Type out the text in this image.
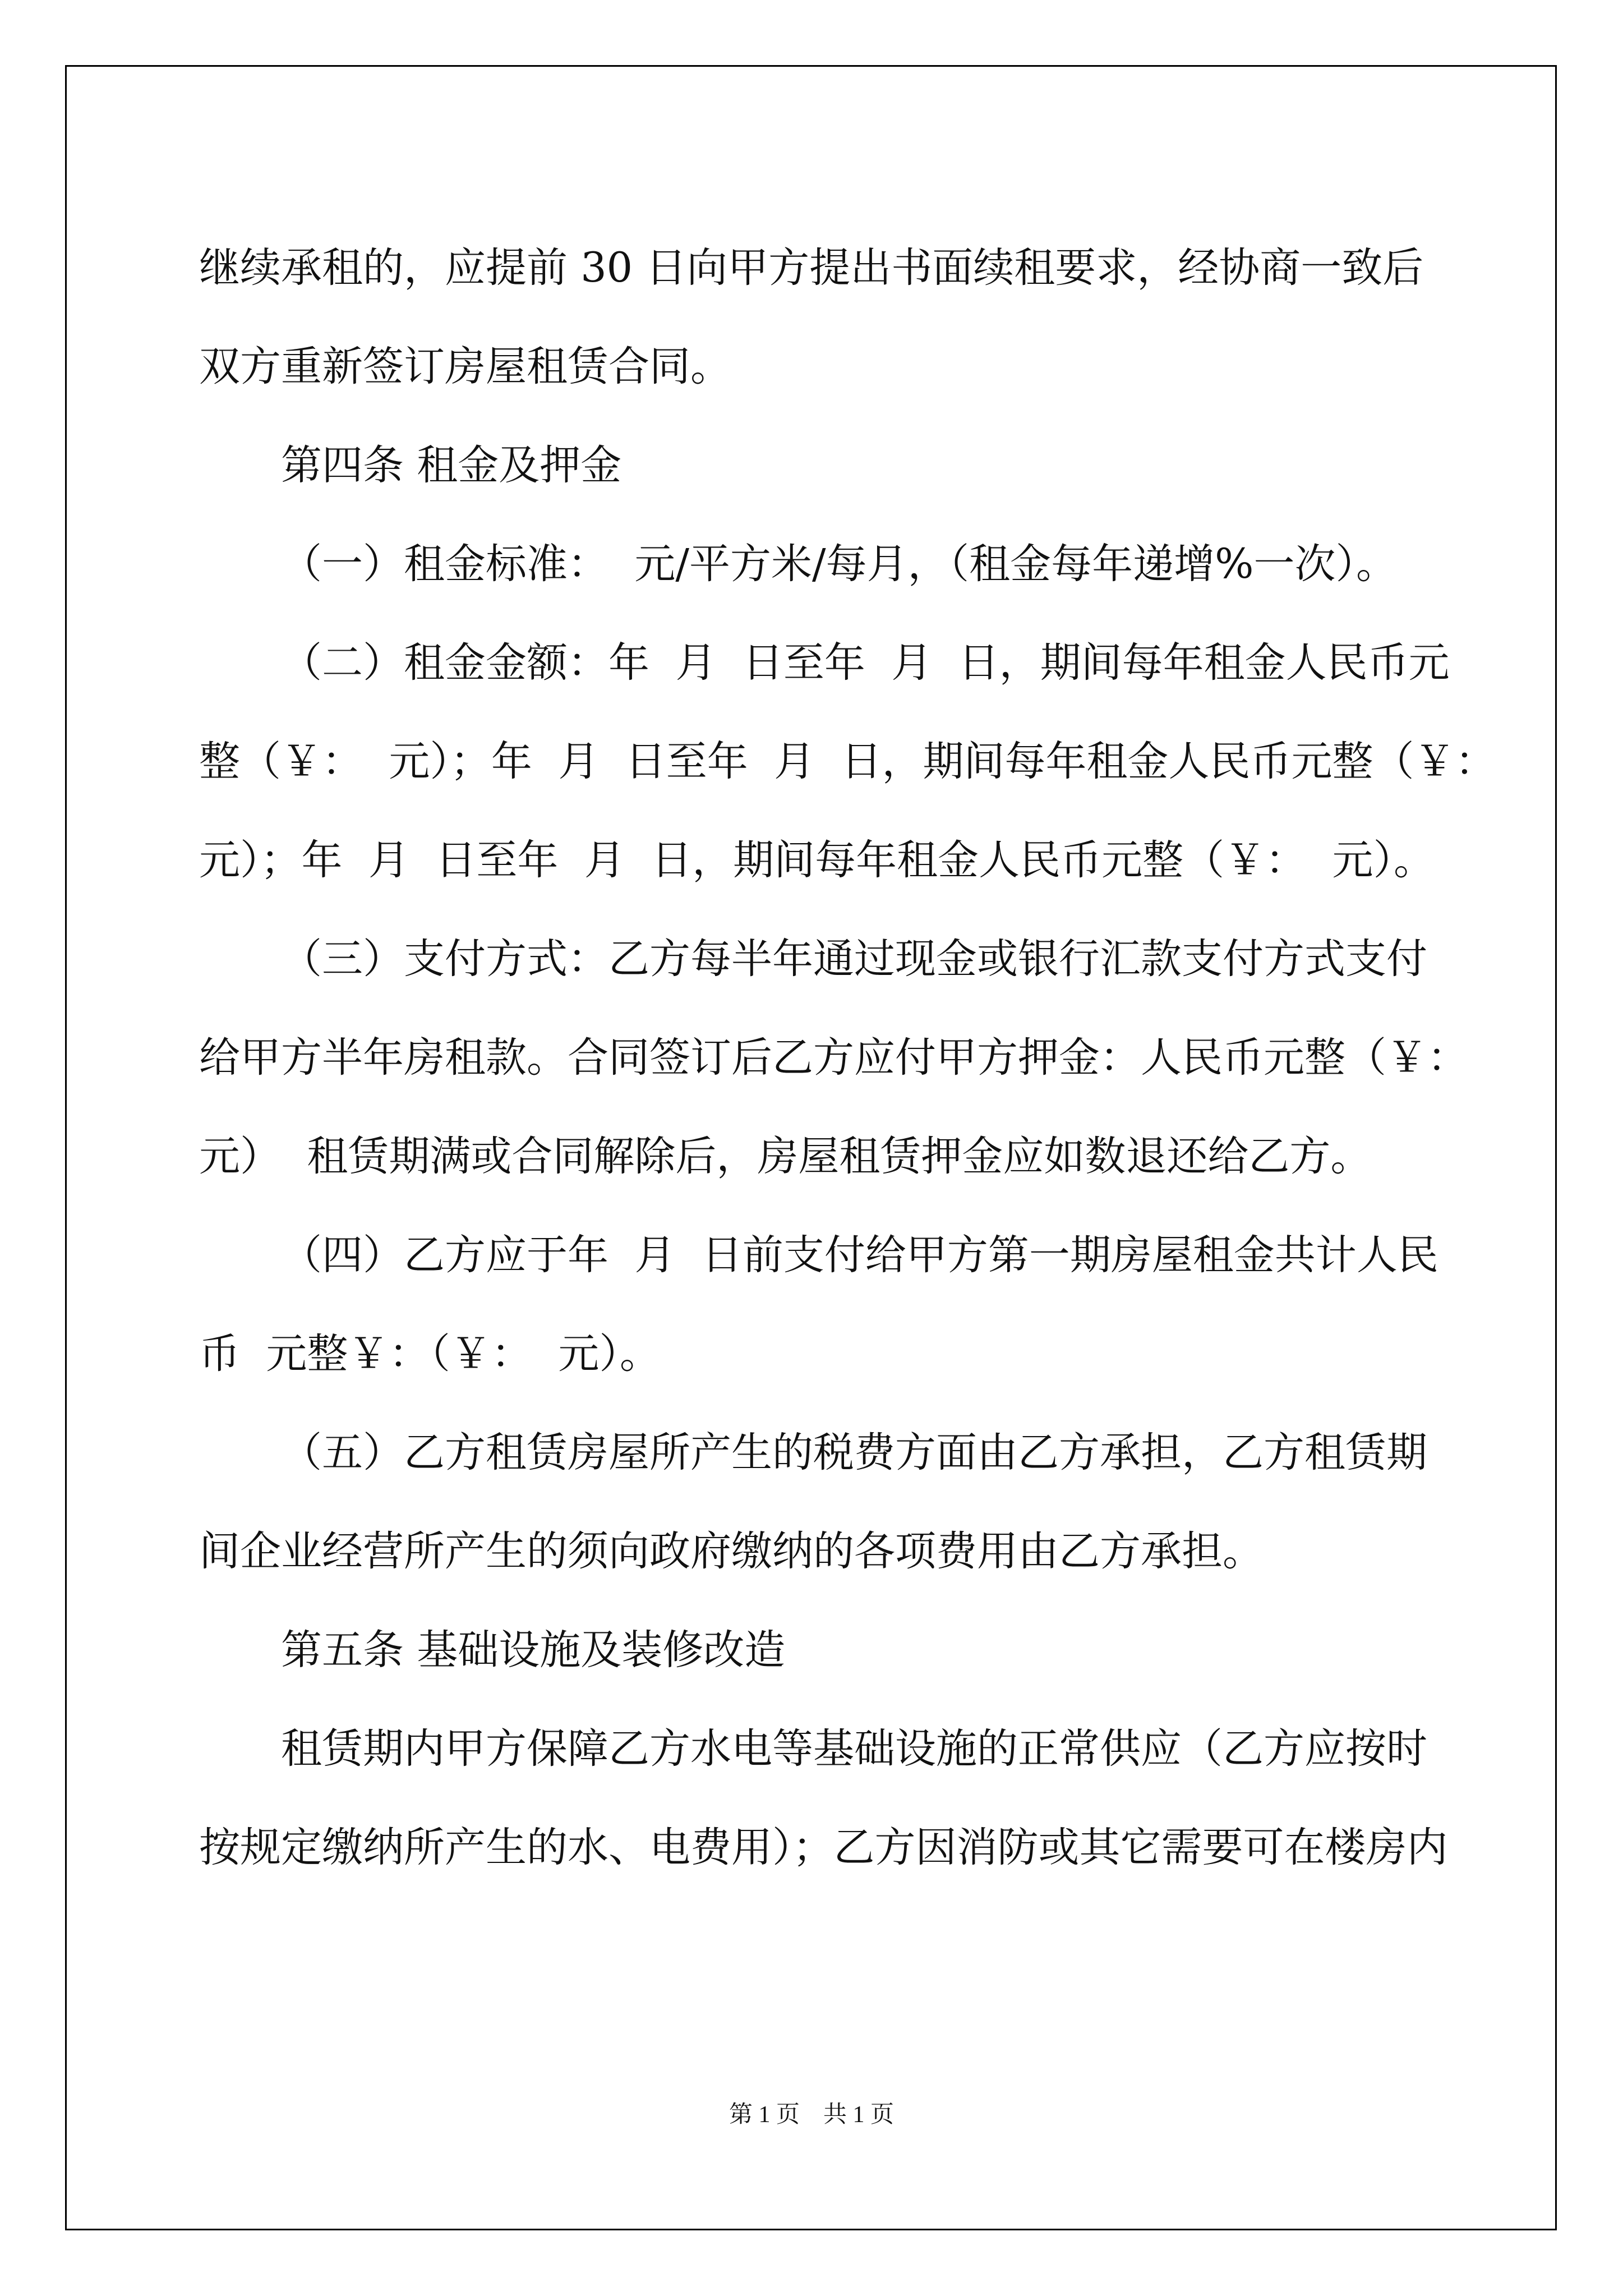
继续承租的，应提前 30 日向甲方提出书面续租要求，经协商一致后
双方重新签订房屋租赁合同。
第四条 租金及押金
（一）租金标准：  元/平方米/每月，（租金每年递增%一次）。
（二）租金金额：年  月  日至年  月  日，期间每年租金人民币元
整（￥：  元）；年  月  日至年  月  日，期间每年租金人民币元整（￥：
元）；年  月  日至年  月  日，期间每年租金人民币元整（￥：  元）。
（三）支付方式：乙方每半年通过现金或银行汇款支付方式支付
给甲方半年房租款。合同签订后乙方应付甲方押金：人民币元整（￥：
元）  租赁期满或合同解除后，房屋租赁押金应如数退还给乙方。
（四）乙方应于年  月  日前支付给甲方第一期房屋租金共计人民
币  元整￥：（￥：  元）。
（五）乙方租赁房屋所产生的税费方面由乙方承担，乙方租赁期
间企业经营所产生的须向政府缴纳的各项费用由乙方承担。
第五条 基础设施及装修改造
租赁期内甲方保障乙方水电等基础设施的正常供应（乙方应按时
按规定缴纳所产生的水、电费用）；乙方因消防或其它需要可在楼房内
第 1 页    共 1 页
